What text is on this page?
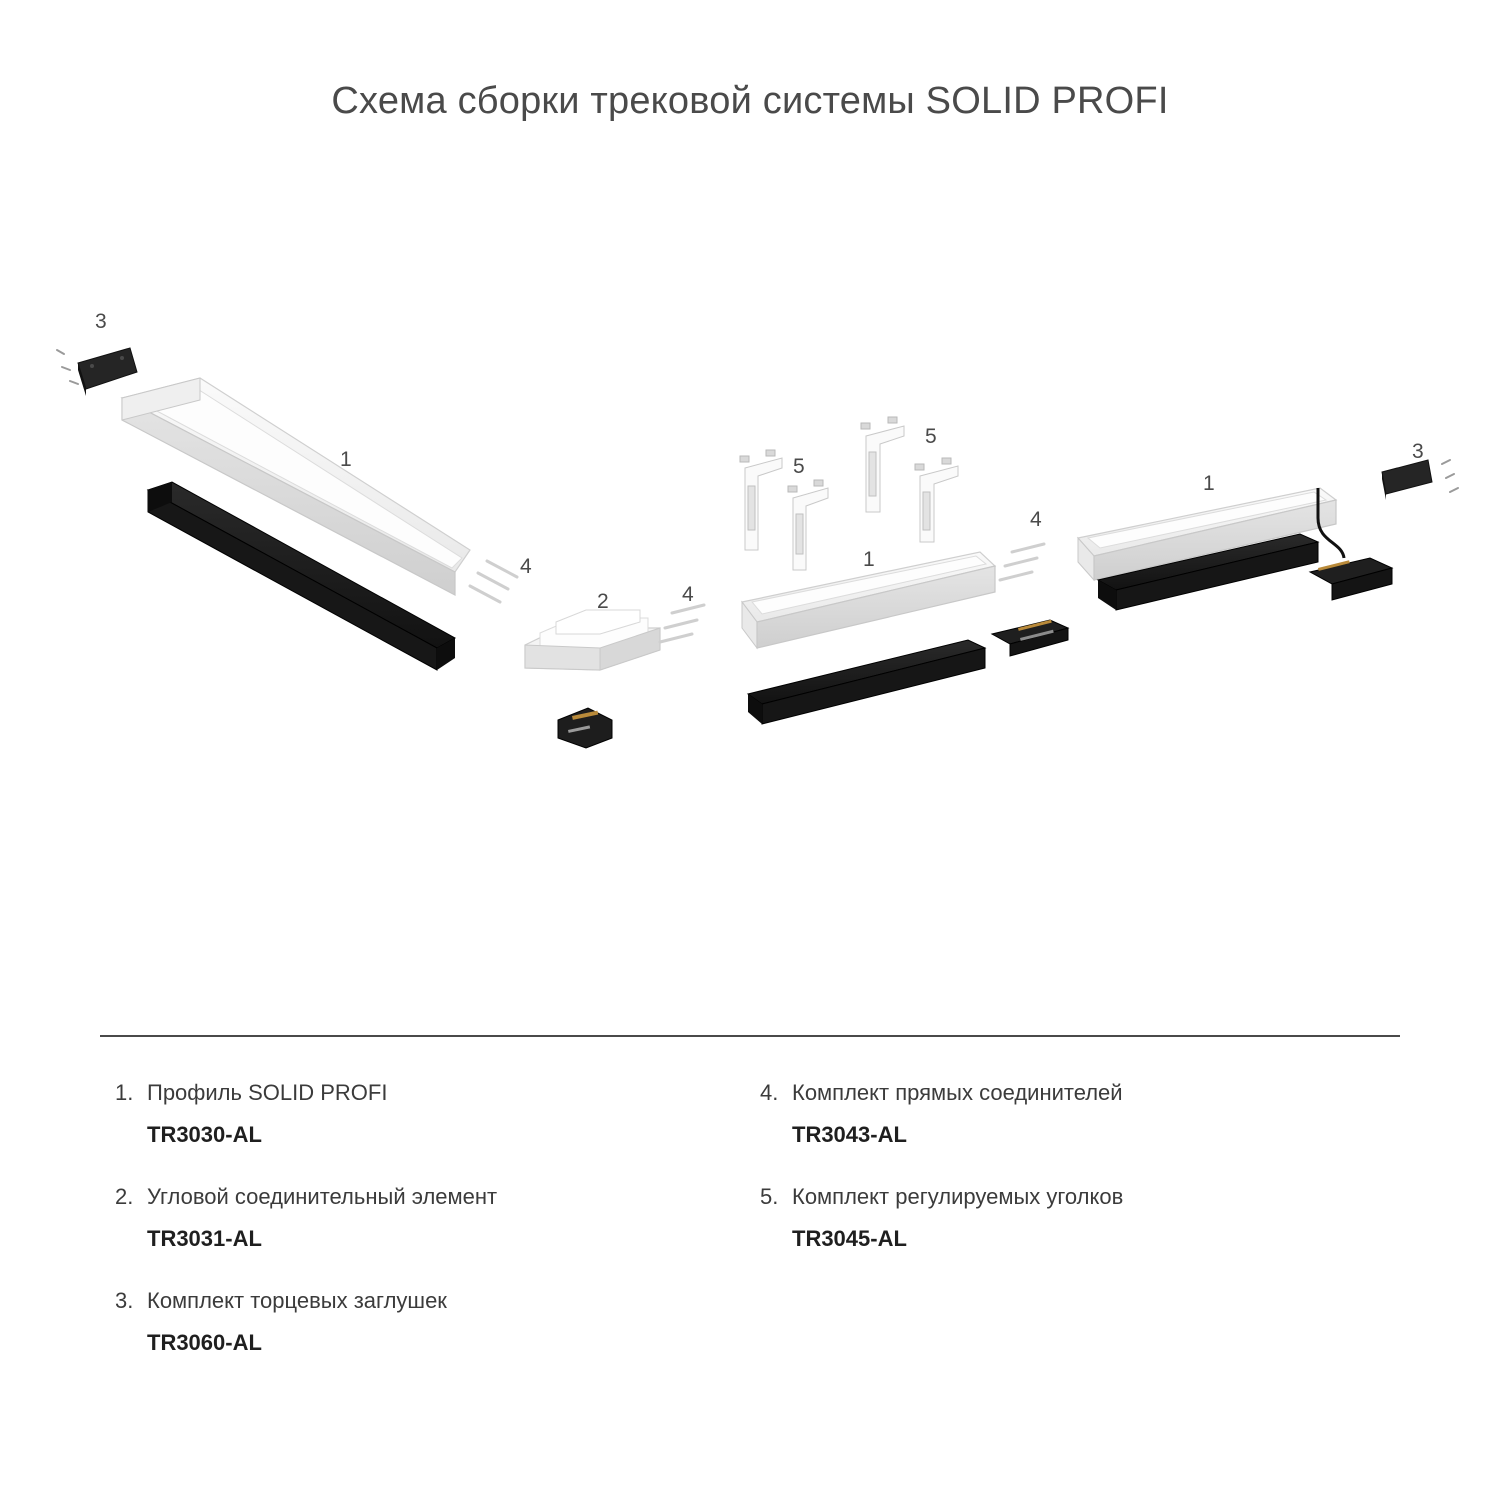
Схема сборки трековой системы SOLID PROFI
3
1
4
2	4
5
5
1
4
1
3
1. Профиль SOLID PROFI
TR3030-AL
2. Угловой соединительный элемент
TR3031-AL
3. Комплект торцевых заглушек
TR3060-AL
4. Комплект прямых соединителей
TR3043-AL
5. Комплект регулируемых уголков
TR3045-AL
